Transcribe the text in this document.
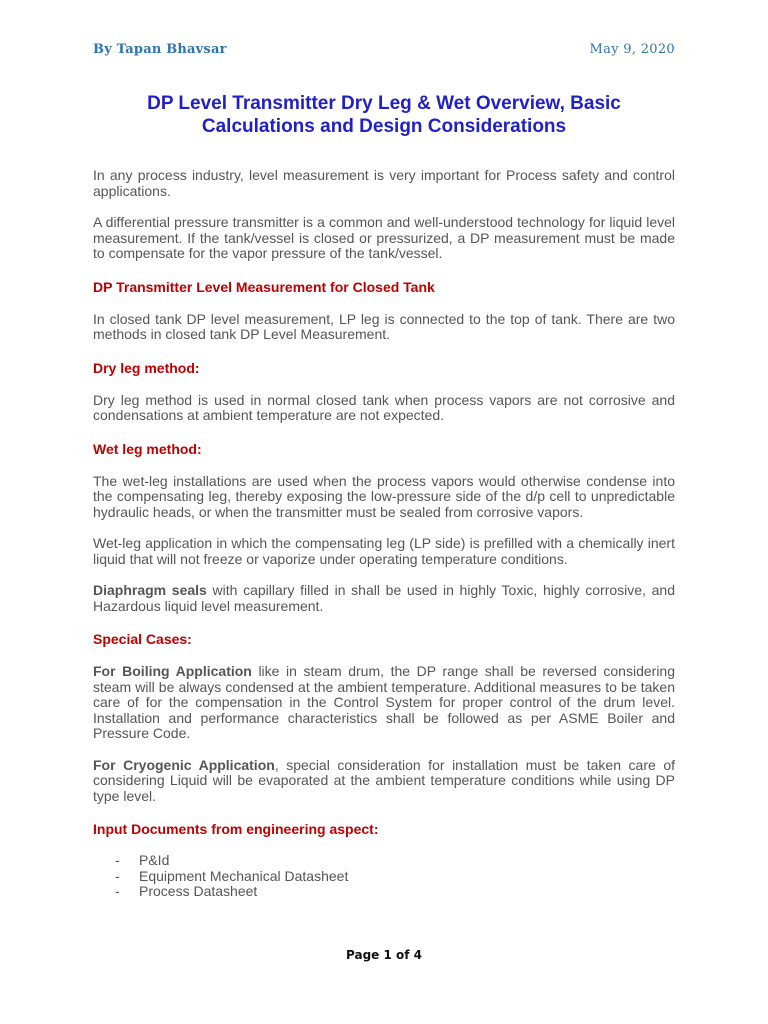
By Tapan Bhavsar	May 9, 2020
DP Level Transmitter Dry Leg & Wet Overview, Basic
Calculations and Design Considerations

In any process industry, level measurement is very important for Process safety and control applications.

A differential pressure transmitter is a common and well-understood technology for liquid level measurement. If the tank/vessel is closed or pressurized, a DP measurement must be made to compensate for the vapor pressure of the tank/vessel.

DP Transmitter Level Measurement for Closed Tank

In closed tank DP level measurement, LP leg is connected to the top of tank. There are two methods in closed tank DP Level Measurement.

Dry leg method:

Dry leg method is used in normal closed tank when process vapors are not corrosive and condensations at ambient temperature are not expected.

Wet leg method:

The wet-leg installations are used when the process vapors would otherwise condense into the compensating leg, thereby exposing the low-pressure side of the d/p cell to unpredictable hydraulic heads, or when the transmitter must be sealed from corrosive vapors.

Wet-leg application in which the compensating leg (LP side) is prefilled with a chemically inert liquid that will not freeze or vaporize under operating temperature conditions.

Diaphragm seals with capillary filled in shall be used in highly Toxic, highly corrosive, and Hazardous liquid level measurement.

Special Cases:

For Boiling Application like in steam drum, the DP range shall be reversed considering steam will be always condensed at the ambient temperature. Additional measures to be taken care of for the compensation in the Control System for proper control of the drum level. Installation and performance characteristics shall be followed as per ASME Boiler and Pressure Code.

For Cryogenic Application, special consideration for installation must be taken care of considering Liquid will be evaporated at the ambient temperature conditions while using DP type level.

Input Documents from engineering aspect:
- P&Id
- Equipment Mechanical Datasheet
- Process Datasheet
Page 1 of 4
